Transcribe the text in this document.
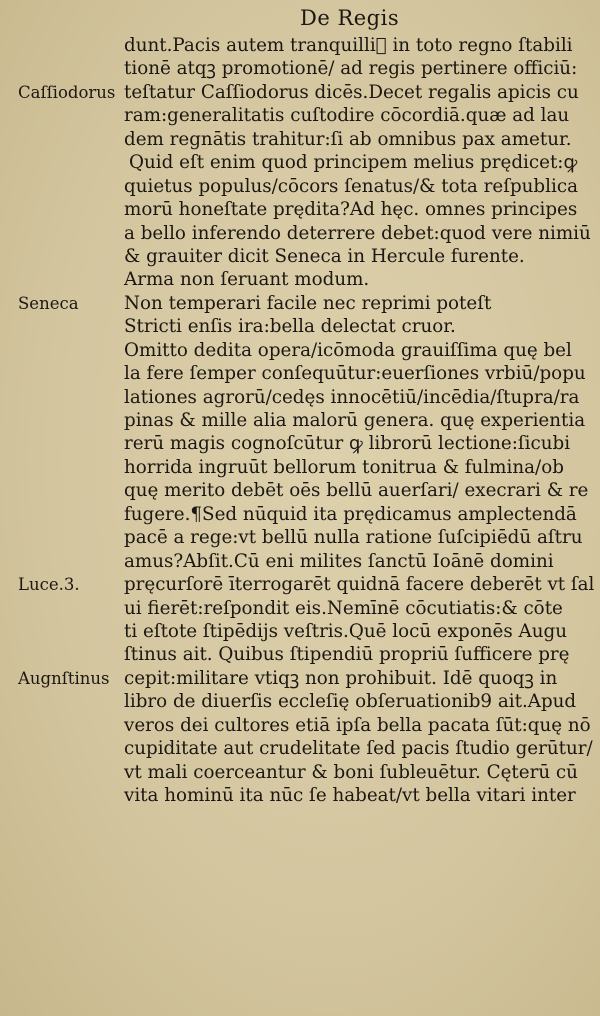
De Regis
Caſſiodorus
Seneca
Luce.3.
Augnſtinus
dunt.Pacis autem tranquilliᷓ in toto regno ſtabili
tionē atqꝫ promotionē/ ad regis pertinere officiū:
teſtatur Caſſiodorus dicēs.Decet regalis apicis cu
ram:generalitatis cuſtodire cōcordiā.quæ ad lau
dem regnātis trahitur:ſi ab omnibus pax ametur.
Quid eſt enim quod principem melius prędicet:ꝙ
quietus populus/cōcors ſenatus/& tota reſpublica
morū honeſtate prędita?Ad hęc. omnes principes
a bello inferendo deterrere debet:quod vere nimiū
& grauiter dicit Seneca in Hercule furente.
Arma non ſeruant modum.
Non temperari facile nec reprimi poteſt
Stricti enſis ira:bella delectat cruor.
Omitto dedita opera/icōmoda grauiſſima quę bel
la fere ſemper conſequūtur:euerſiones vrbiū/popu
lationes agrorū/cedęs innocētiū/incēdia/ſtupra/ra
pinas & mille alia malorū genera. quę experientia
rerū magis cognoſcūtur ꝙ librorū lectione:ſicubi
horrida ingruūt bellorum tonitrua & fulmina/ob
quę merito debēt oēs bellū auerſari/ execrari & re
fugere.¶Sed nūquid ita prędicamus amplectendā
pacē a rege:vt bellū nulla ratione ſuſcipiēdū aſtru
amus?Abſit.Cū eni milites ſanctū Ioānē domini
pręcurſorē īterrogarēt quidnā facere deberēt vt ſal
ui fierēt:reſpondit eis.Nemīnē cōcutiatis:& cōte
ti eſtote ſtipēdijs veſtris.Quē locū exponēs Augu
ſtinus ait. Quibus ſtipendiū propriū ſufficere prę
cepit:militare vtiqꝫ non prohibuit. Idē quoqꝫ in
libro de diuerſis eccleſię obſeruationib9 ait.Apud
veros dei cultores etiā ipſa bella pacata ſūt:quę nō
cupiditate aut crudelitate ſed pacis ſtudio gerūtur/
vt mali coerceantur & boni ſubleuētur. Cęterū cū
vita hominū ita nūc ſe habeat/vt bella vitari inter
